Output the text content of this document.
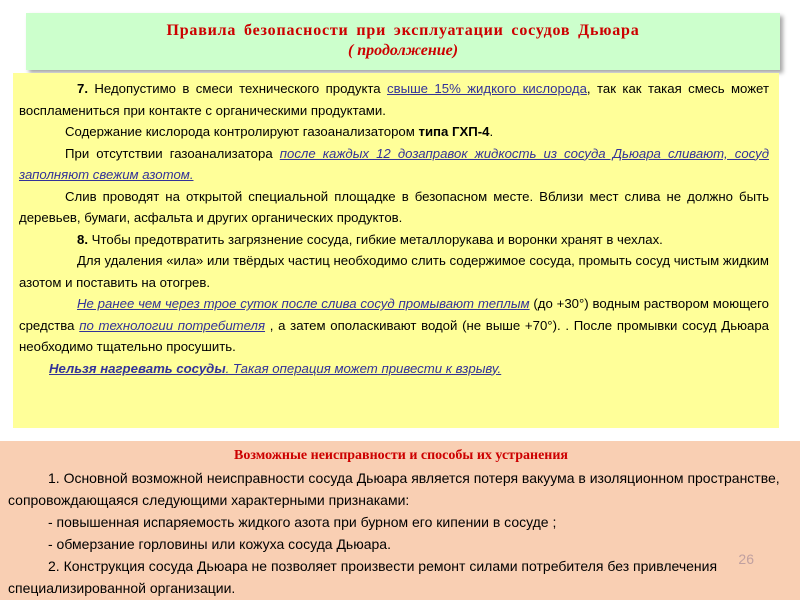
Правила безопасности при эксплуатации сосудов Дьюара
( продолжение)

7. Недопустимо в смеси технического продукта свыше 15% жидкого кислорода, так как такая смесь может воспламениться при контакте с органическими продуктами.

Содержание кислорода контролируют газоанализатором типа ГХП-4.

При отсутствии газоанализатора после каждых 12 дозаправок жидкость из сосуда Дьюара сливают, сосуд заполняют свежим азотом.

Слив проводят на открытой специальной площадке в безопасном месте. Вблизи мест слива не должно быть деревьев, бумаги, асфальта и других органических продуктов.

8. Чтобы предотвратить загрязнение сосуда, гибкие металлорукава и воронки хранят в чехлах.

Для удаления «ила» или твёрдых частиц необходимо слить содержимое сосуда, промыть сосуд чистым жидким азотом и поставить на отогрев.

Не ранее чем через трое суток после слива сосуд промывают теплым (до +30°) водным раствором моющего средства по технологии потребителя , а затем ополаскивают водой (не выше +70°). . После промывки сосуд Дьюара необходимо тщательно просушить.

Нельзя нагревать сосуды. Такая операция может привести к взрыву.

Возможные неисправности и способы их устранения

1. Основной возможной неисправности сосуда Дьюара является потеря вакуума в изоляционном пространстве, сопровождающаяся следующими характерными признаками:

- повышенная испаряемость жидкого азота при бурном его кипении в сосуде ;

- обмерзание горловины или кожуха сосуда Дьюара.

2. Конструкция сосуда Дьюара не позволяет произвести ремонт силами потребителя без привлечения специализированной организации.

26
